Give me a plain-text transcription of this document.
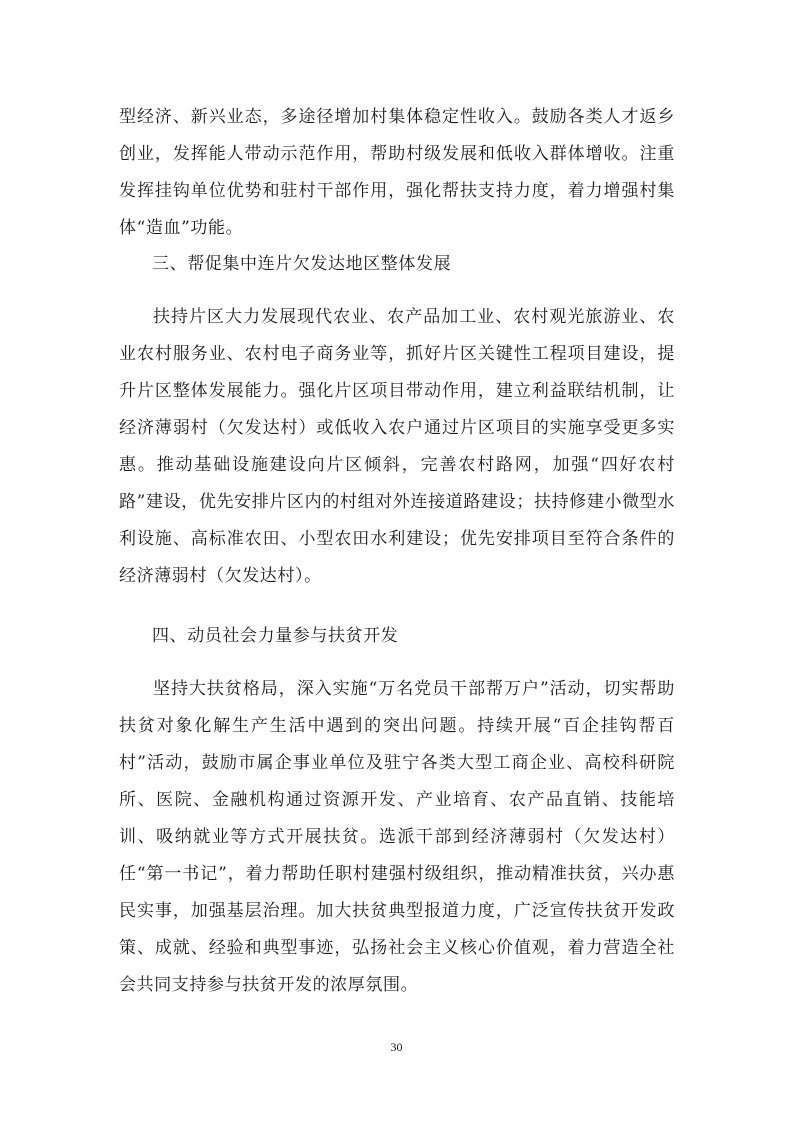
型经济、新兴业态，多途径增加村集体稳定性收入。鼓励各类人才返乡创业，发挥能人带动示范作用，帮助村级发展和低收入群体增收。注重发挥挂钩单位优势和驻村干部作用，强化帮扶支持力度，着力增强村集体“造血”功能。

三、帮促集中连片欠发达地区整体发展

扶持片区大力发展现代农业、农产品加工业、农村观光旅游业、农业农村服务业、农村电子商务业等，抓好片区关键性工程项目建设，提升片区整体发展能力。强化片区项目带动作用，建立利益联结机制，让经济薄弱村（欠发达村）或低收入农户通过片区项目的实施享受更多实惠。推动基础设施建设向片区倾斜，完善农村路网，加强“四好农村路”建设，优先安排片区内的村组对外连接道路建设；扶持修建小微型水利设施、高标准农田、小型农田水利建设；优先安排项目至符合条件的经济薄弱村（欠发达村）。

四、动员社会力量参与扶贫开发

坚持大扶贫格局，深入实施“万名党员干部帮万户”活动，切实帮助扶贫对象化解生产生活中遇到的突出问题。持续开展“百企挂钩帮百村”活动，鼓励市属企事业单位及驻宁各类大型工商企业、高校科研院所、医院、金融机构通过资源开发、产业培育、农产品直销、技能培训、吸纳就业等方式开展扶贫。选派干部到经济薄弱村（欠发达村）任“第一书记”，着力帮助任职村建强村级组织，推动精准扶贫，兴办惠民实事，加强基层治理。加大扶贫典型报道力度，广泛宣传扶贫开发政策、成就、经验和典型事迹，弘扬社会主义核心价值观，着力营造全社会共同支持参与扶贫开发的浓厚氛围。

30
